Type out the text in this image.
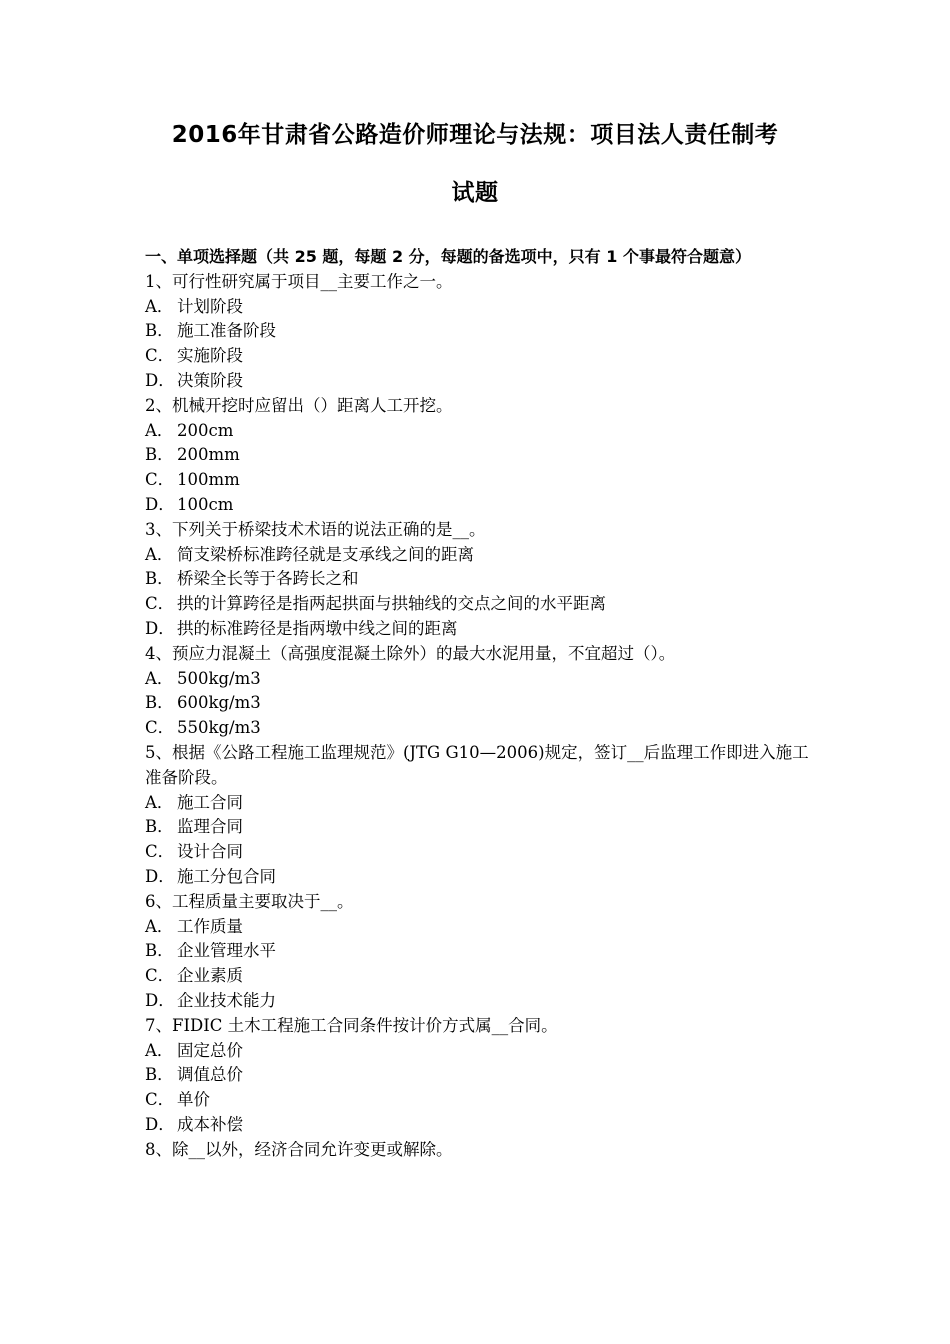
2016年甘肃省公路造价师理论与法规：项目法人责任制考
试题
一、单项选择题（共 25 题，每题 2 分，每题的备选项中，只有 1 个事最符合题意）
1、可行性研究属于项目__主要工作之一。
A． 计划阶段
B． 施工准备阶段
C． 实施阶段
D． 决策阶段
2、机械开挖时应留出（）距离人工开挖。
A． 200cm
B． 200mm
C． 100mm
D． 100cm
3、下列关于桥梁技术术语的说法正确的是__。
A． 简支梁桥标准跨径就是支承线之间的距离
B． 桥梁全长等于各跨长之和
C． 拱的计算跨径是指两起拱面与拱轴线的交点之间的水平距离
D． 拱的标准跨径是指两墩中线之间的距离
4、预应力混凝土（高强度混凝土除外）的最大水泥用量，不宜超过（）。
A． 500kg/m3
B． 600kg/m3
C． 550kg/m3
5、根据《公路工程施工监理规范》(JTG G10—2006)规定，签订__后监理工作即进入施工准备阶段。
A． 施工合同
B． 监理合同
C． 设计合同
D． 施工分包合同
6、工程质量主要取决于__。
A． 工作质量
B． 企业管理水平
C． 企业素质
D． 企业技术能力
7、FIDIC 土木工程施工合同条件按计价方式属__合同。
A． 固定总价
B． 调值总价
C． 单价
D． 成本补偿
8、除__以外，经济合同允许变更或解除。
